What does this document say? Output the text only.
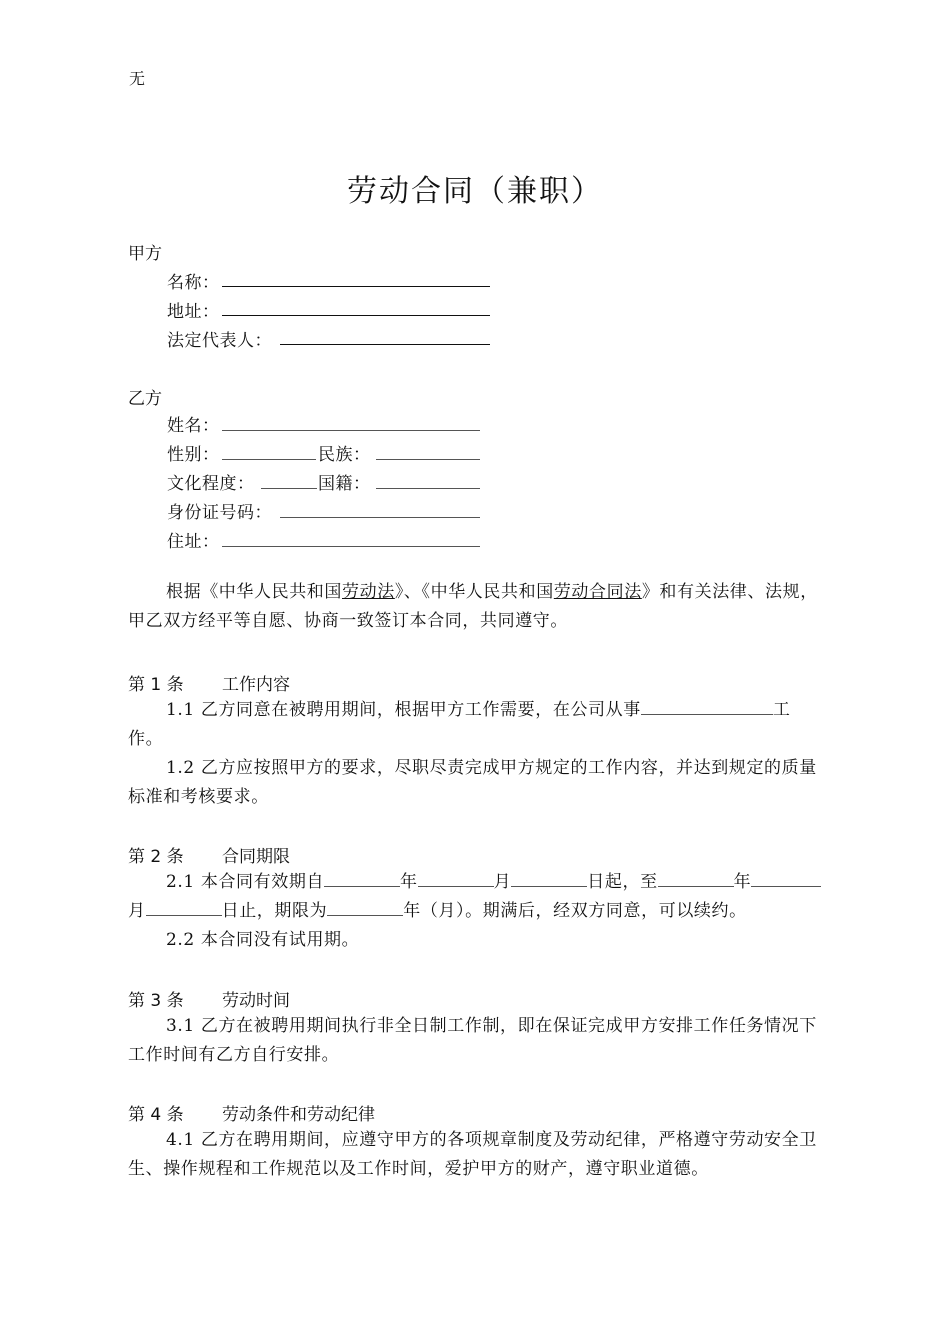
无
劳动合同（兼职）
甲方
名称：
地址：
法定代表人：
乙方
姓名：
性别：	民族：
文化程度：	国籍：
身份证号码：
住址：
根据《中华人民共和国劳动法》、《中华人民共和国劳动合同法》和有关法律、法规，甲乙双方经平等自愿、协商一致签订本合同，共同遵守。
第 1 条 工作内容
1.1 乙方同意在被聘用期间，根据甲方工作需要，在公司从事	工作。
1.2 乙方应按照甲方的要求，尽职尽责完成甲方规定的工作内容，并达到规定的质量标准和考核要求。
第 2 条 合同期限
2.1 本合同有效期自	年	月	日起，至	年月	日止，期限为	年（月）。期满后，经双方同意，可以续约。
2.2 本合同没有试用期。
第 3 条 劳动时间
3.1 乙方在被聘用期间执行非全日制工作制，即在保证完成甲方安排工作任务情况下工作时间有乙方自行安排。
第 4 条 劳动条件和劳动纪律
4.1 乙方在聘用期间，应遵守甲方的各项规章制度及劳动纪律，严格遵守劳动安全卫生、操作规程和工作规范以及工作时间，爱护甲方的财产，遵守职业道德。
